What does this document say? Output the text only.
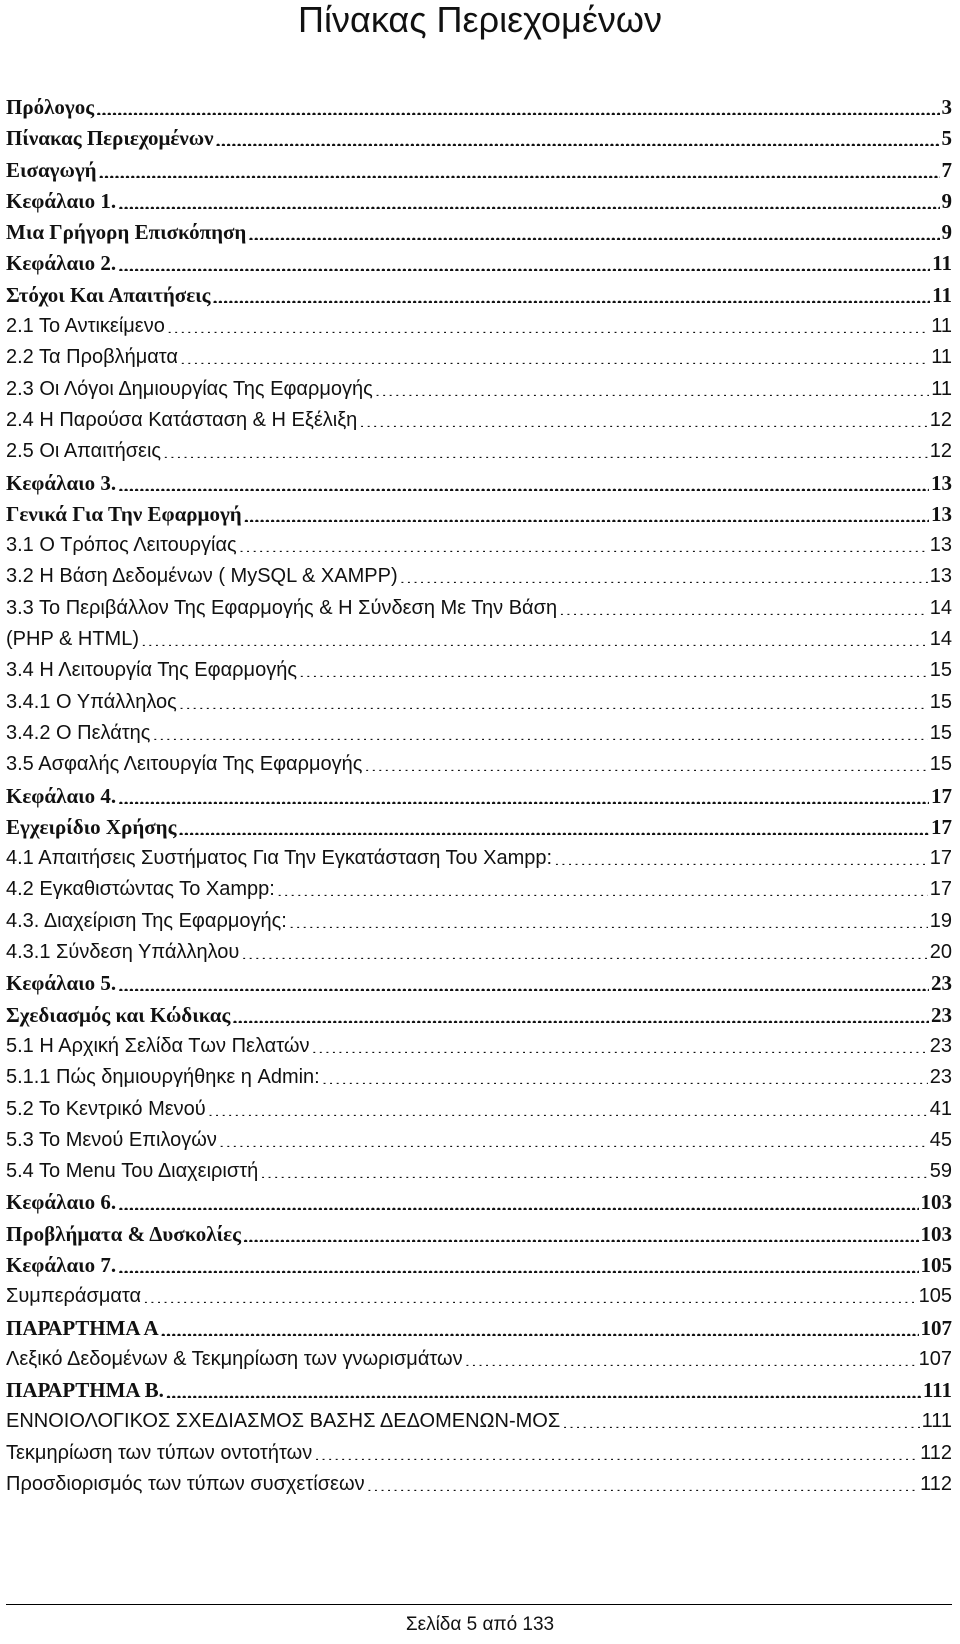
Πίνακας Περιεχομένων
Πρόλογος .....	3
Πίνακας Περιεχομένων .....	5
Εισαγωγή .....	7
Κεφάλαιο 1. .....	9
Μια Γρήγορη Επισκόπηση .....	9
Κεφάλαιο 2. .....	11
Στόχοι Και Απαιτήσεις .....	11
2.1 Το Αντικείμενο .....	11
2.2 Τα Προβλήματα .....	11
2.3 Οι Λόγοι Δημιουργίας Της Εφαρμογής .....	11
2.4 Η Παρούσα Κατάσταση & Η Εξέλιξη .....	12
2.5 Οι Απαιτήσεις .....	12
Κεφάλαιο 3. .....	13
Γενικά Για Την Εφαρμογή .....	13
3.1 Ο Τρόπος Λειτουργίας .....	13
3.2 Η Βάση Δεδομένων ( MySQL & XAMPP) .....	13
3.3 Το Περιβάλλον Της Εφαρμογής & Η Σύνδεση Με Την Βάση .....	14
(PHP & HTML) .....	14
3.4 Η Λειτουργία Της Εφαρμογής .....	15
3.4.1 Ο Υπάλληλος .....	15
3.4.2 Ο Πελάτης .....	15
3.5 Ασφαλής Λειτουργία Της Εφαρμογής .....	15
Κεφάλαιο 4. .....	17
Εγχειρίδιο Χρήσης .....	17
4.1 Απαιτήσεις Συστήματος Για Την Εγκατάσταση Του Xampp: .....	17
4.2 Εγκαθιστώντας Το Xampp: .....	17
4.3. Διαχείριση Της Εφαρμογής: .....	19
4.3.1 Σύνδεση Υπάλληλου .....	20
Κεφάλαιο 5. .....	23
Σχεδιασμός και Κώδικας .....	23
5.1 Η Αρχική Σελίδα Των Πελατών .....	23
5.1.1 Πώς δημιουργήθηκε η Admin: .....	23
5.2 Το Κεντρικό Μενού .....	41
5.3 Το Μενού Επιλογών .....	45
5.4 Το Menu Του Διαχειριστή .....	59
Κεφάλαιο 6. .....	103
Προβλήματα & Δυσκολίες .....	103
Κεφάλαιο 7. .....	105
Συμπεράσματα .....	105
ΠΑΡΑΡΤΗΜΑ Α .....	107
Λεξικό Δεδομένων & Τεκμηρίωση των γνωρισμάτων .....	107
ΠΑΡΑΡΤΗΜΑ Β. .....	111
ΕΝΝΟΙΟΛΟΓΙΚΟΣ ΣΧΕΔΙΑΣΜΟΣ ΒΑΣΗΣ ΔΕΔΟΜΕΝΩΝ-ΜΟΣ .....	111
Τεκμηρίωση των τύπων οντοτήτων .....	112
Προσδιορισμός των τύπων συσχετίσεων .....	112
Σελίδα 5 από 133
